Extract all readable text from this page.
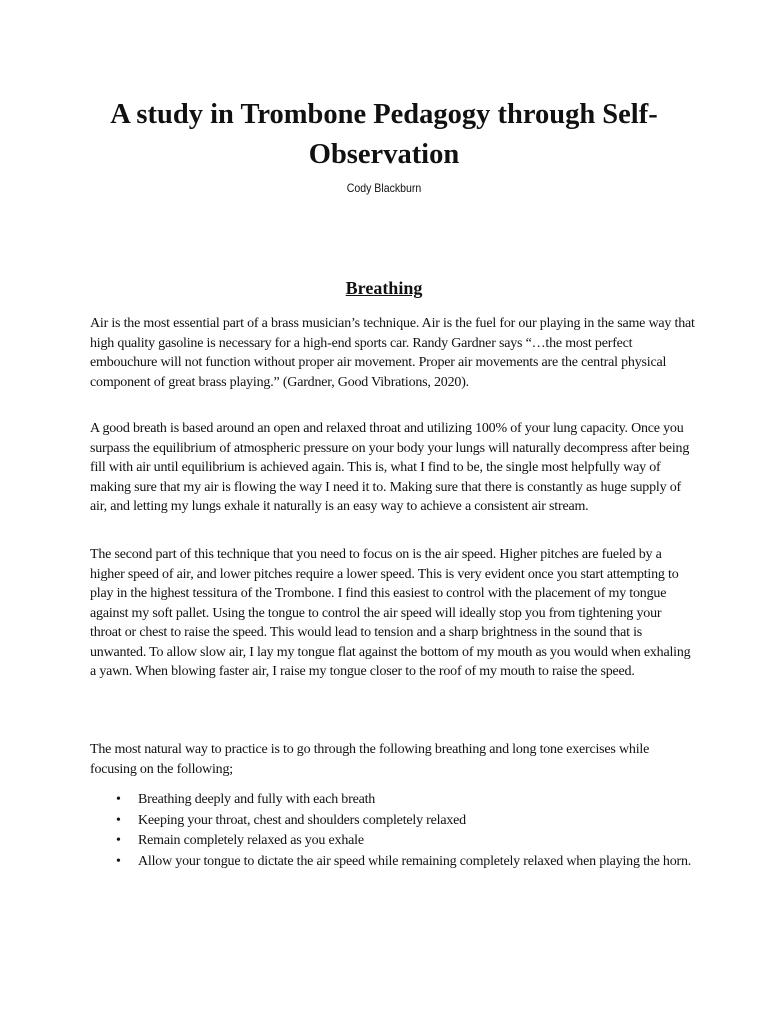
A study in Trombone Pedagogy through Self-Observation

Cody Blackburn

Breathing

Air is the most essential part of a brass musician’s technique. Air is the fuel for our playing in the same way that high quality gasoline is necessary for a high-end sports car. Randy Gardner says “…the most perfect embouchure will not function without proper air movement. Proper air movements are the central physical component of great brass playing.” (Gardner, Good Vibrations, 2020).

A good breath is based around an open and relaxed throat and utilizing 100% of your lung capacity. Once you surpass the equilibrium of atmospheric pressure on your body your lungs will naturally decompress after being fill with air until equilibrium is achieved again. This is, what I find to be, the single most helpfully way of making sure that my air is flowing the way I need it to. Making sure that there is constantly as huge supply of air, and letting my lungs exhale it naturally is an easy way to achieve a consistent air stream.

The second part of this technique that you need to focus on is the air speed. Higher pitches are fueled by a higher speed of air, and lower pitches require a lower speed. This is very evident once you start attempting to play in the highest tessitura of the Trombone. I find this easiest to control with the placement of my tongue against my soft pallet. Using the tongue to control the air speed will ideally stop you from tightening your throat or chest to raise the speed. This would lead to tension and a sharp brightness in the sound that is unwanted. To allow slow air, I lay my tongue flat against the bottom of my mouth as you would when exhaling a yawn. When blowing faster air, I raise my tongue closer to the roof of my mouth to raise the speed.

The most natural way to practice is to go through the following breathing and long tone exercises while focusing on the following;

• Breathing deeply and fully with each breath
• Keeping your throat, chest and shoulders completely relaxed
• Remain completely relaxed as you exhale
• Allow your tongue to dictate the air speed while remaining completely relaxed when playing the horn.
